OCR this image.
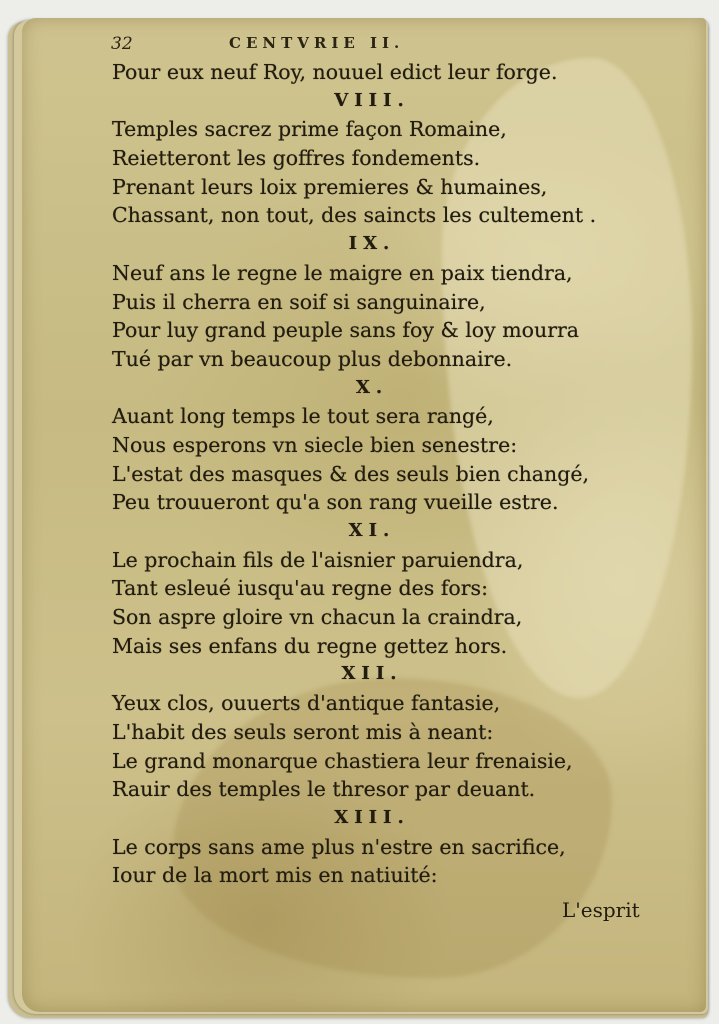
32	CENTVRIE II.
Pour eux neuf Roy, nouuel edict leur forge.
VIII.
Temples sacrez prime façon Romaine,
Reietteront les goffres fondements.
Prenant leurs loix premieres & humaines,
Chassant, non tout, des saincts les cultement .
IX.
Neuf ans le regne le maigre en paix tiendra,
Puis il cherra en soif si sanguinaire,
Pour luy grand peuple sans foy & loy mourra
Tué par vn beaucoup plus debonnaire.
X.
Auant long temps le tout sera rangé,
Nous esperons vn siecle bien senestre:
L'estat des masques & des seuls bien changé,
Peu trouueront qu'a son rang vueille estre.
XI.
Le prochain fils de l'aisnier paruiendra,
Tant esleué iusqu'au regne des fors:
Son aspre gloire vn chacun la craindra,
Mais ses enfans du regne gettez hors.
XII.
Yeux clos, ouuerts d'antique fantasie,
L'habit des seuls seront mis à neant:
Le grand monarque chastiera leur frenaisie,
Rauir des temples le thresor par deuant.
XIII.
Le corps sans ame plus n'estre en sacrifice,
Iour de la mort mis en natiuité:
L'esprit
